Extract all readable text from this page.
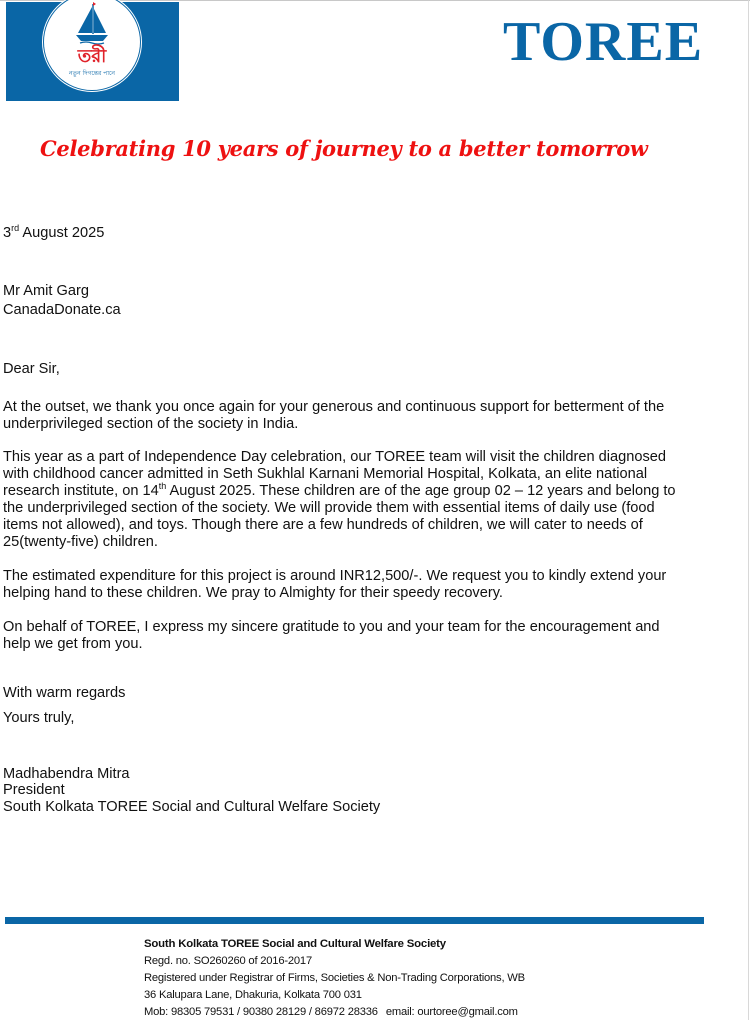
তরী
নতুন দিগন্তের পানে
TOREE
Celebrating 10 years of journey to a better tomorrow
3rd August 2025
Mr Amit Garg
CanadaDonate.ca
Dear Sir,
At the outset, we thank you once again for your generous and continuous support for betterment of the
underprivileged section of the society in India.
This year as a part of Independence Day celebration, our TOREE team will visit the children diagnosed
with childhood cancer admitted in Seth Sukhlal Karnani Memorial Hospital, Kolkata, an elite national
research institute, on 14th August 2025. These children are of the age group 02 – 12 years and belong to
the underprivileged section of the society. We will provide them with essential items of daily use (food
items not allowed), and toys. Though there are a few hundreds of children, we will cater to needs of
25(twenty-five) children.
The estimated expenditure for this project is around INR12,500/-. We request you to kindly extend your
helping hand to these children. We pray to Almighty for their speedy recovery.
On behalf of TOREE, I express my sincere gratitude to you and your team for the encouragement and
help we get from you.
With warm regards
Yours truly,
Madhabendra Mitra
President
South Kolkata TOREE Social and Cultural Welfare Society
South Kolkata TOREE Social and Cultural Welfare Society
Regd. no. SO260260 of 2016-2017
Registered under Registrar of Firms, Societies & Non-Trading Corporations, WB
36 Kalupara Lane, Dhakuria, Kolkata 700 031
Mob: 98305 79531 / 90380 28129 / 86972 28336 email: ourtoree@gmail.com
